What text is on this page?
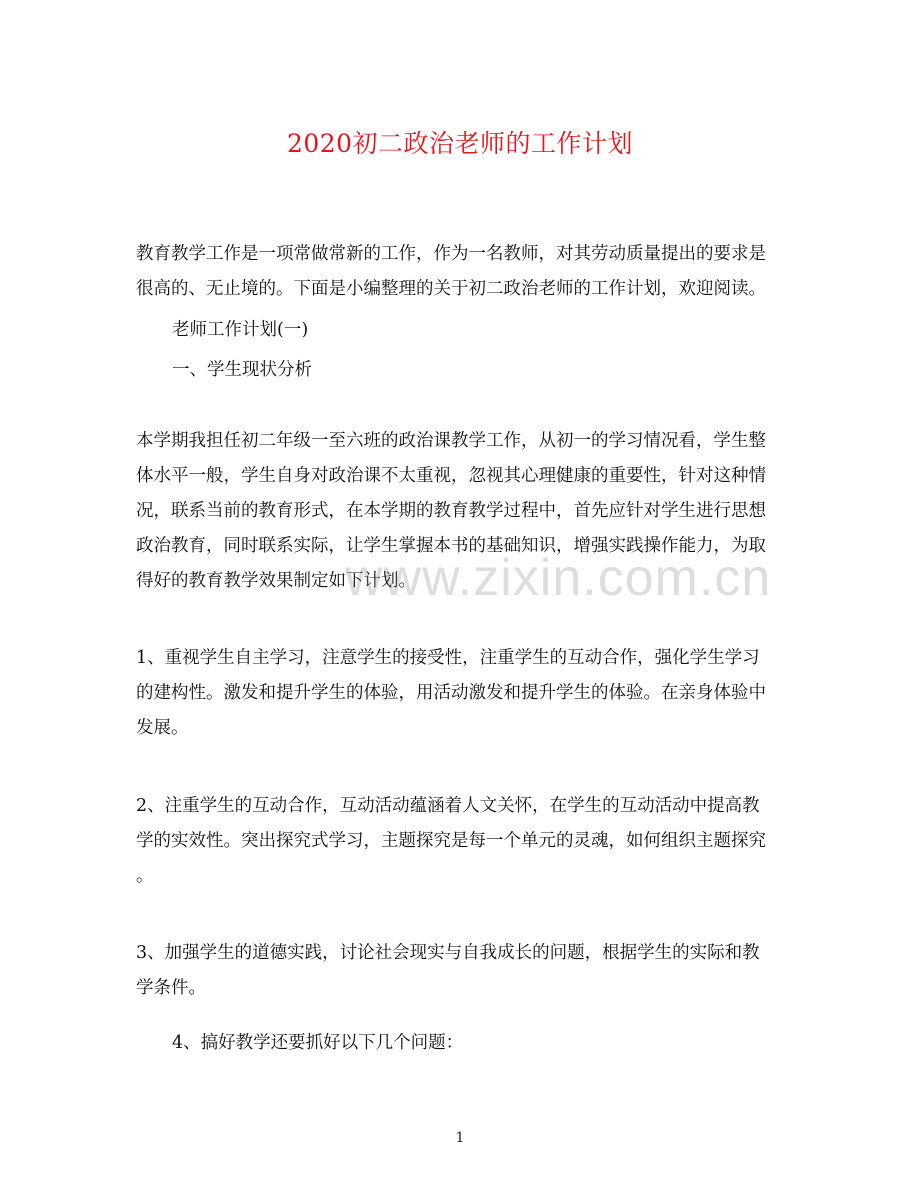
2020初二政治老师的工作计划

教育教学工作是一项常做常新的工作，作为一名教师，对其劳动质量提出的要求是
很高的、无止境的。下面是小编整理的关于初二政治老师的工作计划，欢迎阅读。

老师工作计划(一)

一、学生现状分析

本学期我担任初二年级一至六班的政治课教学工作，从初一的学习情况看，学生整
体水平一般，学生自身对政治课不太重视，忽视其心理健康的重要性，针对这种情
况，联系当前的教育形式，在本学期的教育教学过程中，首先应针对学生进行思想
政治教育，同时联系实际，让学生掌握本书的基础知识，增强实践操作能力，为取
得好的教育教学效果制定如下计划。

1、重视学生自主学习，注意学生的接受性，注重学生的互动合作，强化学生学习
的建构性。激发和提升学生的体验，用活动激发和提升学生的体验。在亲身体验中
发展。

2、注重学生的互动合作，互动活动蕴涵着人文关怀，在学生的互动活动中提高教
学的实效性。突出探究式学习，主题探究是每一个单元的灵魂，如何组织主题探究
。

3、加强学生的道德实践，讨论社会现实与自我成长的问题，根据学生的实际和教
学条件。

4、搞好教学还要抓好以下几个问题：

www.zixin.com.cn
1
